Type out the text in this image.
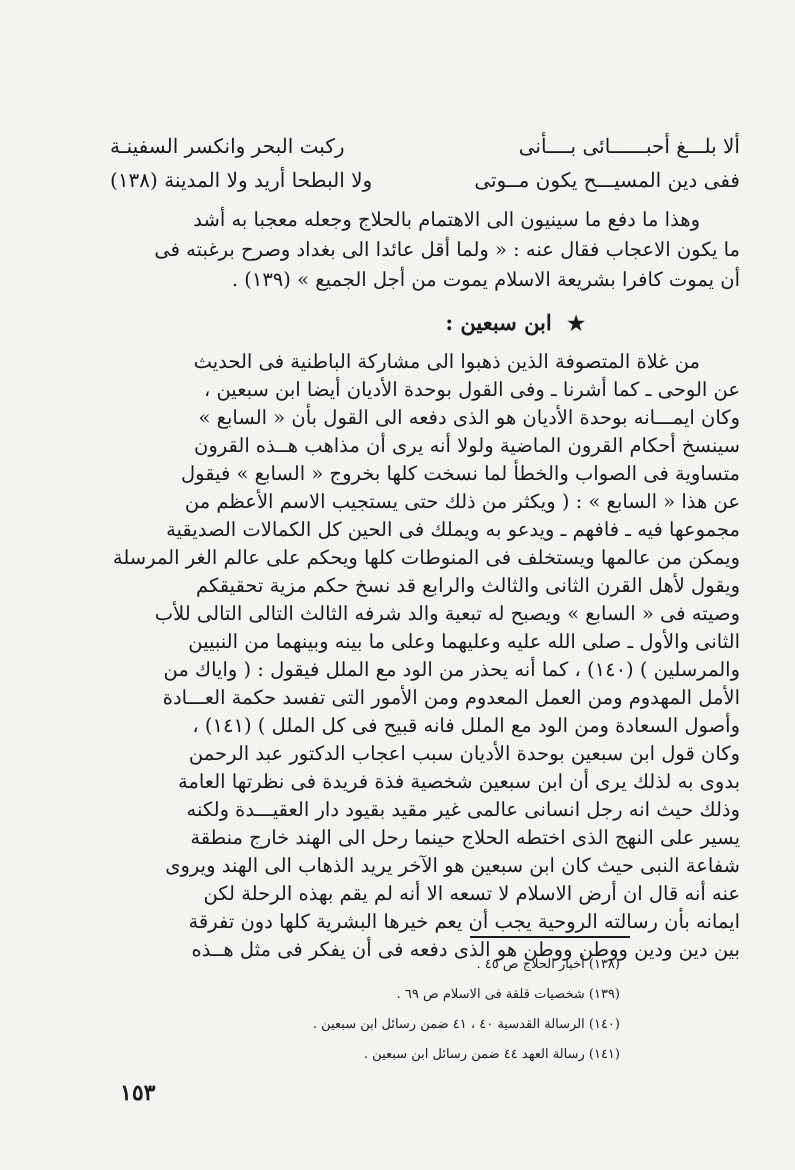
ألا بلـــغ أحبــــــائى بــــأنى
ركبت البحر وانكسر السفينـة
ففى دين المسيـــح يكون مــوتى
ولا البطحا أريد ولا المدينة (١٣٨)

وهذا ما دفع ما سينيون الى الاهتمام بالحلاج وجعله معجبا به أشد

ما يكون الاعجاب فقال عنه : « ولما أقل عائدا الى بغداد وصرح برغبته فى

أن يموت كافرا بشريعة الاسلام يموت من أجل الجميع » (١٣٩) .

★ ابن سبعين :

من غلاة المتصوفة الذين ذهبوا الى مشاركة الباطنية فى الحديث

عن الوحى ـ كما أشرنا ـ وفى القول بوحدة الأديان أيضا ابن سبعين ،

وكان ايمـــانه بوحدة الأديان هو الذى دفعه الى القول بأن « السابع »

سينسخ أحكام القرون الماضية ولولا أنه يرى أن مذاهب هــذه القرون

متساوية فى الصواب والخطأ لما نسخت كلها بخروج « السابع » فيقول

عن هذا « السابع » : ( ويكثر من ذلك حتى يستجيب الاسم الأعظم من

مجموعها فيه ـ فافهم ـ ويدعو به ويملك فى الحين كل الكمالات الصديقية

ويمكن من عالمها ويستخلف فى المنوطات كلها ويحكم على عالم الغر المرسلة

ويقول لأهل القرن الثانى والثالث والرابع قد نسخ حكم مزية تحقيقكم

وصيته فى « السابع » ويصبح له تبعية والد شرفه الثالث التالى التالى للأب

الثانى والأول ـ صلى الله عليه وعليهما وعلى ما بينه وبينهما من النبيين

والمرسلين ) (١٤٠) ، كما أنه يحذر من الود مع الملل فيقول : ( واياك من

الأمل المهدوم ومن العمل المعدوم ومن الأمور التى تفسد حكمة العـــادة

وأصول السعادة ومن الود مع الملل فانه قبيح فى كل الملل ) (١٤١) ،

وكان قول ابن سبعين بوحدة الأديان سبب اعجاب الدكتور عبد الرحمن

بدوى به لذلك يرى أن ابن سبعين شخصية فذة فريدة فى نظرتها العامة

وذلك حيث انه رجل انسانى عالمى غير مقيد بقيود دار العقيـــدة ولكنه

يسير على النهج الذى اختطه الحلاج حينما رحل الى الهند خارج منطقة

شفاعة النبى حيث كان ابن سبعين هو الآخر يريد الذهاب الى الهند ويروى

عنه أنه قال ان أرض الاسلام لا تسعه الا أنه لم يقم بهذه الرحلة لكن

ايمانه بأن رسالته الروحية يجب أن يعم خيرها البشرية كلها دون تفرقة

بين دين ودين ووطن ووطن هو الذى دفعه فى أن يفكر فى مثل هــذه

(١٣٨) أخبار الحلاج ص ٤٥ .
(١٣٩) شخصيات قلقة فى الاسلام ص ٦٩ .
(١٤٠) الرسالة القدسية ٤٠ ، ٤١ ضمن رسائل ابن سبعين .
(١٤١) رسالة العهد ٤٤ ضمن رسائل ابن سبعين .
١٥٣
